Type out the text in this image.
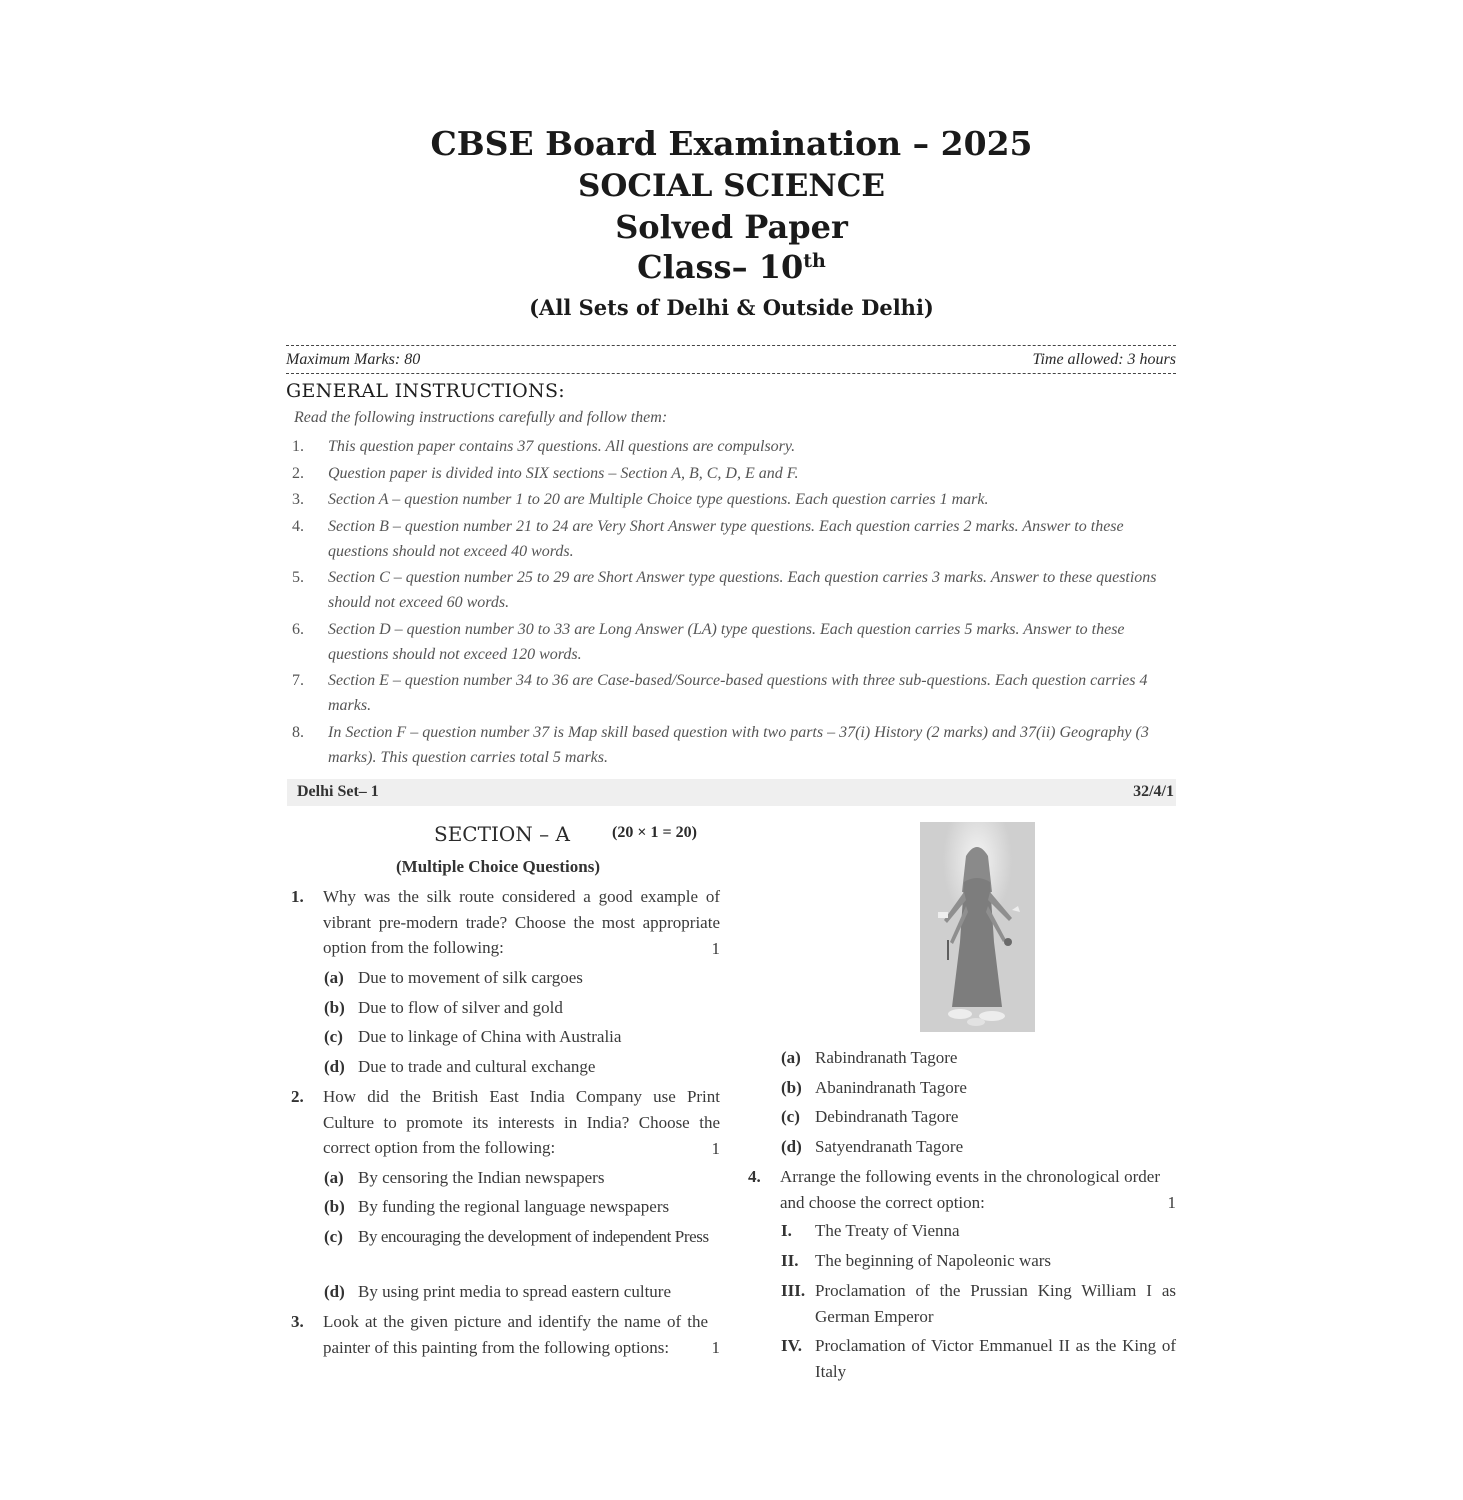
CBSE Board Examination – 2025
SOCIAL SCIENCE
Solved Paper
Class– 10th
(All Sets of Delhi & Outside Delhi)
Maximum Marks: 80	Time allowed: 3 hours
GENERAL INSTRUCTIONS:
Read the following instructions carefully and follow them:
1. This question paper contains 37 questions. All questions are compulsory.
2. Question paper is divided into SIX sections – Section A, B, C, D, E and F.
3. Section A – question number 1 to 20 are Multiple Choice type questions. Each question carries 1 mark.
4. Section B – question number 21 to 24 are Very Short Answer type questions. Each question carries 2 marks. Answer to these questions should not exceed 40 words.
5. Section C – question number 25 to 29 are Short Answer type questions. Each question carries 3 marks. Answer to these questions should not exceed 60 words.
6. Section D – question number 30 to 33 are Long Answer (LA) type questions. Each question carries 5 marks. Answer to these questions should not exceed 120 words.
7. Section E – question number 34 to 36 are Case-based/Source-based questions with three sub-questions. Each question carries 4 marks.
8. In Section F – question number 37 is Map skill based question with two parts – 37(i) History (2 marks) and 37(ii) Geography (3 marks). This question carries total 5 marks.
Delhi Set– 1	32/4/1
SECTION – A	(20 × 1 = 20)
(Multiple Choice Questions)
1. Why was the silk route considered a good example of vibrant pre-modern trade? Choose the most appropriate option from the following:	1
(a) Due to movement of silk cargoes
(b) Due to flow of silver and gold
(c) Due to linkage of China with Australia
(d) Due to trade and cultural exchange
2. How did the British East India Company use Print Culture to promote its interests in India? Choose the correct option from the following:	1
(a) By censoring the Indian newspapers
(b) By funding the regional language newspapers
(c) By encouraging the development of independent Press
(d) By using print media to spread eastern culture
3. Look at the given picture and identify the name of the painter of this painting from the following options:	1
(a) Rabindranath Tagore
(b) Abanindranath Tagore
(c) Debindranath Tagore
(d) Satyendranath Tagore
4. Arrange the following events in the chronological order and choose the correct option:	1
I. The Treaty of Vienna
II. The beginning of Napoleonic wars
III. Proclamation of the Prussian King William I as German Emperor
IV. Proclamation of Victor Emmanuel II as the King of Italy
